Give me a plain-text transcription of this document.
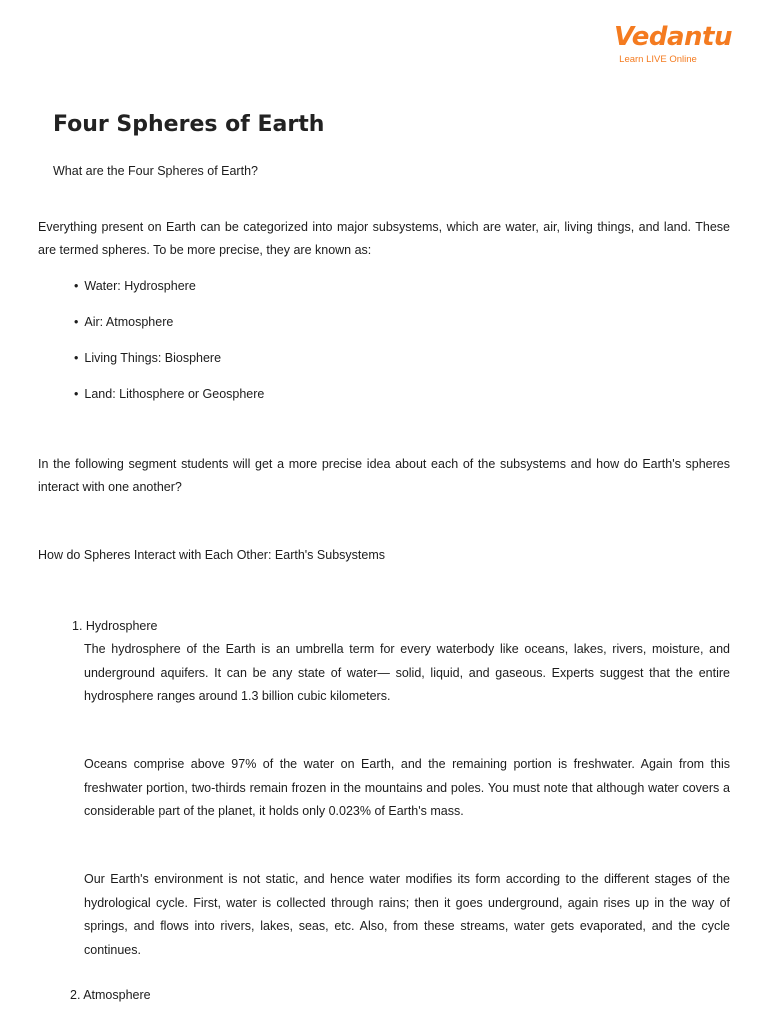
Vedantu
Learn LIVE Online
Four Spheres of Earth
What are the Four Spheres of Earth?
Everything present on Earth can be categorized into major subsystems, which are water, air, living things, and land. These are termed spheres. To be more precise, they are known as:
• Water: Hydrosphere
• Air: Atmosphere
• Living Things: Biosphere
• Land: Lithosphere or Geosphere
In the following segment students will get a more precise idea about each of the subsystems and how do Earth's spheres interact with one another?
How do Spheres Interact with Each Other: Earth's Subsystems
1. Hydrosphere
The hydrosphere of the Earth is an umbrella term for every waterbody like oceans, lakes, rivers, moisture, and underground aquifers. It can be any state of water— solid, liquid, and gaseous. Experts suggest that the entire hydrosphere ranges around 1.3 billion cubic kilometers.
Oceans comprise above 97% of the water on Earth, and the remaining portion is freshwater. Again from this freshwater portion, two-thirds remain frozen in the mountains and poles. You must note that although water covers a considerable part of the planet, it holds only 0.023% of Earth's mass.
Our Earth's environment is not static, and hence water modifies its form according to the different stages of the hydrological cycle. First, water is collected through rains; then it goes underground, again rises up in the way of springs, and flows into rivers, lakes, seas, etc. Also, from these streams, water gets evaporated, and the cycle continues.
2. Atmosphere
